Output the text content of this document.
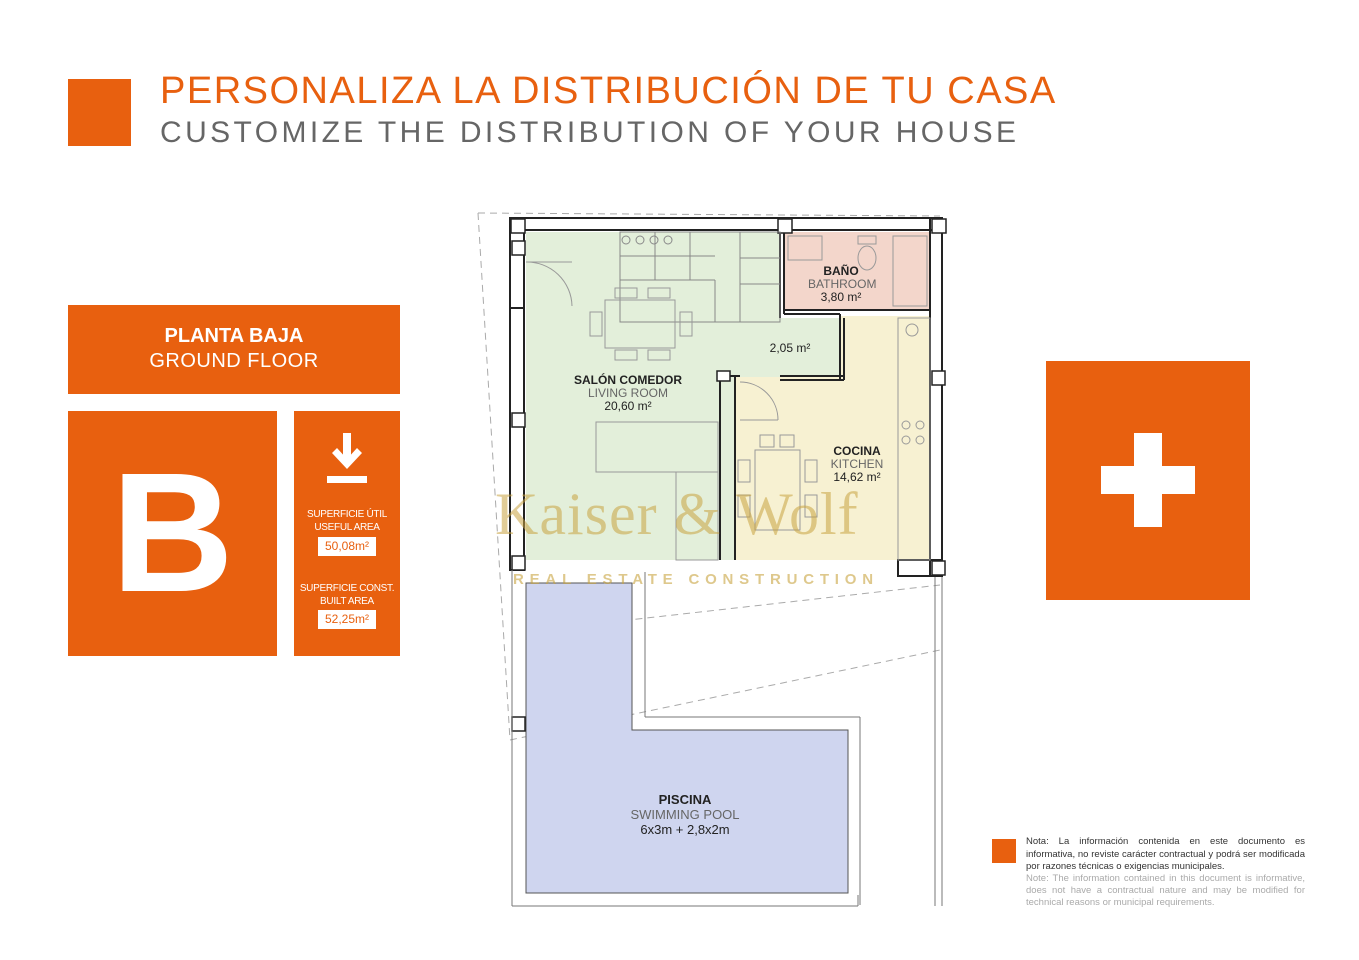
PERSONALIZA LA DISTRIBUCIÓN DE TU CASA
CUSTOMIZE THE DISTRIBUTION OF YOUR HOUSE
PLANTA BAJA
GROUND FLOOR
B	SUPERFICIE ÚTIL
USEFUL AREA
50,08m²
SUPERFICIE CONST.
BUILT AREA
52,25m²
BAÑO
BATHROOM
3,80 m²
2,05 m²
SALÓN COMEDOR
LIVING ROOM
20,60 m²
COCINA
KITCHEN
14,62 m²
PISCINA
SWIMMING POOL
6x3m + 2,8x2m
Kaiser & Wolf
REAL ESTATE CONSTRUCTION
Nota: La información contenida en este documento es informativa, no reviste carácter contractual y podrá ser modificada por razones técnicas o exigencias municipales.
Note: The information contained in this document is informative, does not have a contractual nature and may be modified for technical reasons or municipal requirements.
